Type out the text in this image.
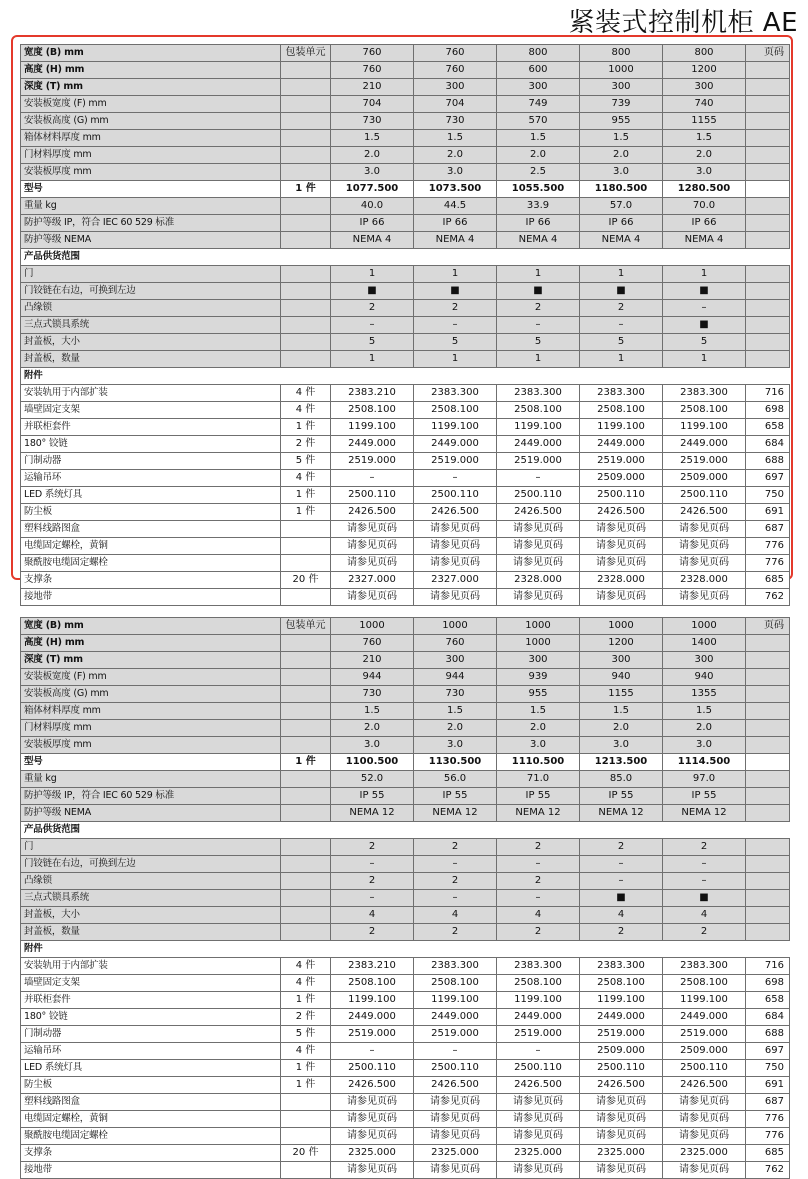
紧装式控制机柜 AE
宽度 (B) mm	包装单元	760	760	800	800	800	页码
高度 (H) mm		760	760	600	1000	1200	
深度 (T) mm		210	300	300	300	300	
安装板宽度 (F) mm		704	704	749	739	740	
安装板高度 (G) mm		730	730	570	955	1155	
箱体材料厚度 mm		1.5	1.5	1.5	1.5	1.5	
门材料厚度 mm		2.0	2.0	2.0	2.0	2.0	
安装板厚度 mm		3.0	3.0	2.5	3.0	3.0	
型号	1 件	1077.500	1073.500	1055.500	1180.500	1280.500	
重量 kg		40.0	44.5	33.9	57.0	70.0	
防护等级 IP，符合 IEC 60 529 标准		IP 66	IP 66	IP 66	IP 66	IP 66	
防护等级 NEMA		NEMA 4	NEMA 4	NEMA 4	NEMA 4	NEMA 4	
产品供货范围							
门		1	1	1	1	1	
门铰链在右边，可换到左边		■	■	■	■	■	
凸缘锁		2	2	2	2	–	
三点式锁具系统		–	–	–	–	■	
封盖板，大小		5	5	5	5	5	
封盖板，数量		1	1	1	1	1	
附件							
安装轨用于内部扩装	4 件	2383.210	2383.300	2383.300	2383.300	2383.300	716
墙壁固定支架	4 件	2508.100	2508.100	2508.100	2508.100	2508.100	698
并联柜套件	1 件	1199.100	1199.100	1199.100	1199.100	1199.100	658
180° 铰链	2 件	2449.000	2449.000	2449.000	2449.000	2449.000	684
门制动器	5 件	2519.000	2519.000	2519.000	2519.000	2519.000	688
运输吊环	4 件	–	–	–	2509.000	2509.000	697
LED 系统灯具	1 件	2500.110	2500.110	2500.110	2500.110	2500.110	750
防尘板	1 件	2426.500	2426.500	2426.500	2426.500	2426.500	691
塑料线路图盒		请参见页码	请参见页码	请参见页码	请参见页码	请参见页码	687
电缆固定螺栓，黄铜		请参见页码	请参见页码	请参见页码	请参见页码	请参见页码	776
聚酰胺电缆固定螺栓		请参见页码	请参见页码	请参见页码	请参见页码	请参见页码	776
支撑条	20 件	2327.000	2327.000	2328.000	2328.000	2328.000	685
接地带		请参见页码	请参见页码	请参见页码	请参见页码	请参见页码	762
宽度 (B) mm	包装单元	1000	1000	1000	1000	1000	页码
高度 (H) mm		760	760	1000	1200	1400	
深度 (T) mm		210	300	300	300	300	
安装板宽度 (F) mm		944	944	939	940	940	
安装板高度 (G) mm		730	730	955	1155	1355	
箱体材料厚度 mm		1.5	1.5	1.5	1.5	1.5	
门材料厚度 mm		2.0	2.0	2.0	2.0	2.0	
安装板厚度 mm		3.0	3.0	3.0	3.0	3.0	
型号	1 件	1100.500	1130.500	1110.500	1213.500	1114.500	
重量 kg		52.0	56.0	71.0	85.0	97.0	
防护等级 IP，符合 IEC 60 529 标准		IP 55	IP 55	IP 55	IP 55	IP 55	
防护等级 NEMA		NEMA 12	NEMA 12	NEMA 12	NEMA 12	NEMA 12	
产品供货范围							
门		2	2	2	2	2	
门铰链在右边，可换到左边		–	–	–	–	–	
凸缘锁		2	2	2	–	–	
三点式锁具系统		–	–	–	■	■	
封盖板，大小		4	4	4	4	4	
封盖板，数量		2	2	2	2	2	
附件							
安装轨用于内部扩装	4 件	2383.210	2383.300	2383.300	2383.300	2383.300	716
墙壁固定支架	4 件	2508.100	2508.100	2508.100	2508.100	2508.100	698
并联柜套件	1 件	1199.100	1199.100	1199.100	1199.100	1199.100	658
180° 铰链	2 件	2449.000	2449.000	2449.000	2449.000	2449.000	684
门制动器	5 件	2519.000	2519.000	2519.000	2519.000	2519.000	688
运输吊环	4 件	–	–	–	2509.000	2509.000	697
LED 系统灯具	1 件	2500.110	2500.110	2500.110	2500.110	2500.110	750
防尘板	1 件	2426.500	2426.500	2426.500	2426.500	2426.500	691
塑料线路图盒		请参见页码	请参见页码	请参见页码	请参见页码	请参见页码	687
电缆固定螺栓，黄铜		请参见页码	请参见页码	请参见页码	请参见页码	请参见页码	776
聚酰胺电缆固定螺栓		请参见页码	请参见页码	请参见页码	请参见页码	请参见页码	776
支撑条	20 件	2325.000	2325.000	2325.000	2325.000	2325.000	685
接地带		请参见页码	请参见页码	请参见页码	请参见页码	请参见页码	762
